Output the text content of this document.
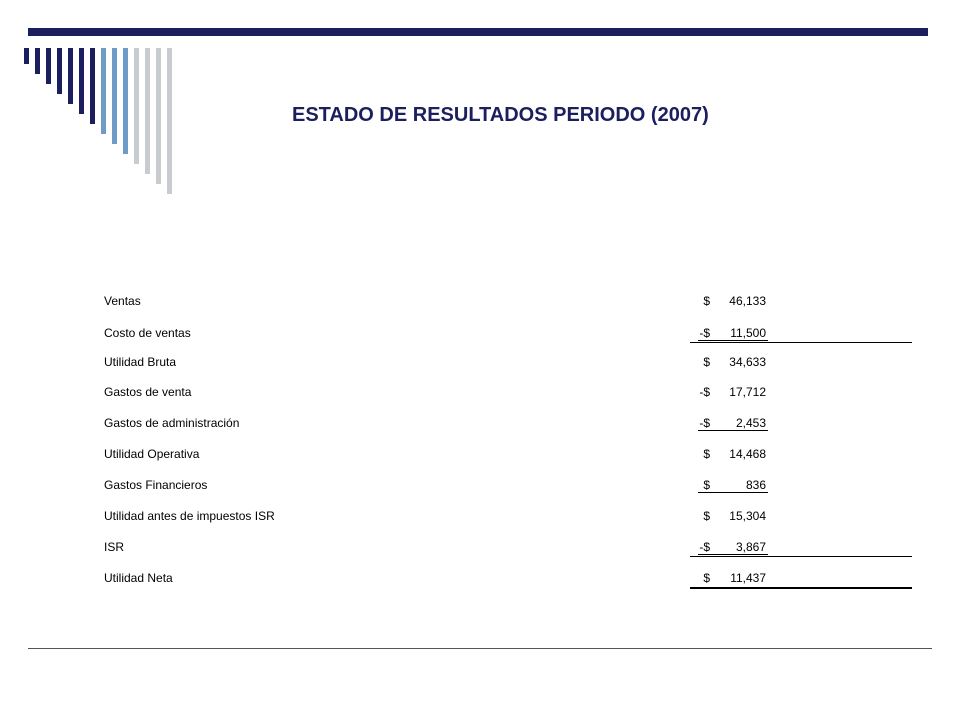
ESTADO DE RESULTADOS PERIODO (2007)
Ventas	$ 46,133
Costo de ventas	-$ 11,500
Utilidad Bruta	$ 34,633
Gastos de venta	-$ 17,712
Gastos de administración	-$ 2,453
Utilidad Operativa	$ 14,468
Gastos Financieros	$	836
Utilidad antes de impuestos ISR	$ 15,304
ISR	-$ 3,867
Utilidad Neta	$ 11,437
